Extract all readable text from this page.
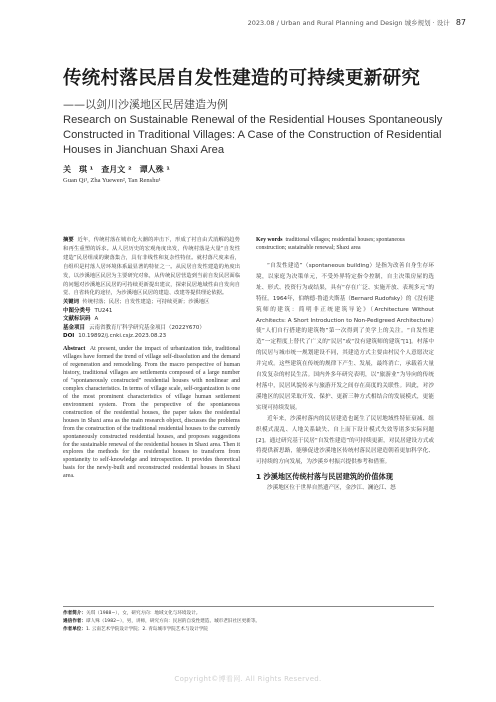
2023.08 / Urban and Rural Planning and Design 城乡规划 · 设计 87
传统村落民居自发性建造的可持续更新研究
——以剑川沙溪地区民居建造为例
Research on Sustainable Renewal of the Residential Houses Spontaneously Constructed in Traditional Villages: A Case of the Construction of Residential Houses in Jianchuan Shaxi Area
关　琪 ¹　查月文 ²　谭人殊 ¹
Guan Qi¹, Zha Yuewen², Tan Renshu¹
摘要 近年，传统村落在城市化大潮的冲击下，形成了衬自由式消解的趋势和再生重塑的诉求。从人居历史的宏观角度出发，传统村落是大量“自发性建造”民居组成的聚落集合，具有非线性和复杂性特征。就村落尺度来看，自组织是村落人居环境体系最显著的特征之一。从民居自发性建造的角度出发，以沙溪地区民居为主要研究对象，从传统民居营造到当前自发民居面临的问题对沙溪地区民居的可持续更新提出建议，探索民居地域性由自发向自觉、自省转化的途径，为沙溪地区民居的建造、改建等提供理论依据。
关键词 传统村落；民居；自发性建造；可持续更新；沙溪地区
中图分类号 TU241
文献标识码 A
基金项目 云南省教育厅科学研究基金项目（2022Y670）
DOI 10.19892/j.cnki.csjz.2023.08.23
Abstract At present, under the impact of urbanization tide, traditional villages have formed the trend of village self-dissolution and the demand of regeneration and remodeling. From the macro perspective of human history, traditional villages are settlements composed of a large number of "spontaneously constructed" residential houses with nonlinear and complex characteristics. In terms of village scale, self-organization is one of the most prominent characteristics of village human settlement environment system. From the perspective of the spontaneous construction of the residential houses, the paper takes the residential houses in Shaxi area as the main research object, discusses the problems from the construction of the traditional residential houses to the currently spontaneously constructed residential houses, and proposes suggestions for the sustainable renewal of the residential houses in Shaxi area. Then it explores the methods for the residential houses to transform from spontaneity to self-knowledge and introspection. It provides theoretical basis for the newly-built and reconstructed residential houses in Shaxi area.
Key words traditional villages; residential houses; spontaneous construction; sustainable renewal; Shaxi area

“自发性建造”（spontaneous building）是指为改善自身生存环境，以家庭为决策单元，不受外界特定指令控制，自主决策房屋的选址、形式、投资行为或结果，具有“存在广泛、实施开放、表现多元”的特征。1964年，伯纳德·鲁道夫斯基（Bernard Rudofsky）的《没有建筑师的建筑：简明非正统建筑导论》（Architecture Without Architects: A Short Introduction to Non-Pedigreed Architecture）使“人们自行搭建的建筑物”第一次得到了美学上的关注。“自发性建造”一定程度上替代了广义的“民居”或“没有建筑师的建筑”[1]。村落中的民居与城市统一规划建设不同，其建造方式主要由村民个人意愿决定并完成。这些建筑在传统的规律下产生、发展，最终消亡，承载着大量自发复杂的村民生活。国内外多年研究表明，以“旅游业”为导向的传统村落中，民居风貌传承与旅游开发之间存在高度的关联性。因此，对沙溪地区的民居采取开发、保护、更新三种方式相结合的发展模式，更能实现可持续发展。

近年来，沙溪村落内的民居建造也诞生了民居地域性特征衰减、组织模式混乱、人地关系缺失、自上而下设计模式失效等诸多实际问题[2]。通过研究基于民居“自发性建造”的可持续更新，对民居建设方式或将提供新思路，能够促进沙溪地区传统村落民居建造朝着更加科学化、可持续的方向发展，为沙溪乡村振兴提供参考和借鉴。

1 沙溪地区传统村落与民居建筑的价值体现

沙溪地区位于世界自然遗产区，金沙江、澜沧江、怒

作者简介：关琪（1988−），女，研究方向：地域文化与环境设计。
通信作者：谭人殊（1982−），男，讲师，研究方向：民居的自发性建造、城市老旧社区更新等。
作者单位：1. 云南艺术学院设计学院；2. 青岛城市学院艺术与设计学院
Copyright©博看网. All Rights Reserved.
